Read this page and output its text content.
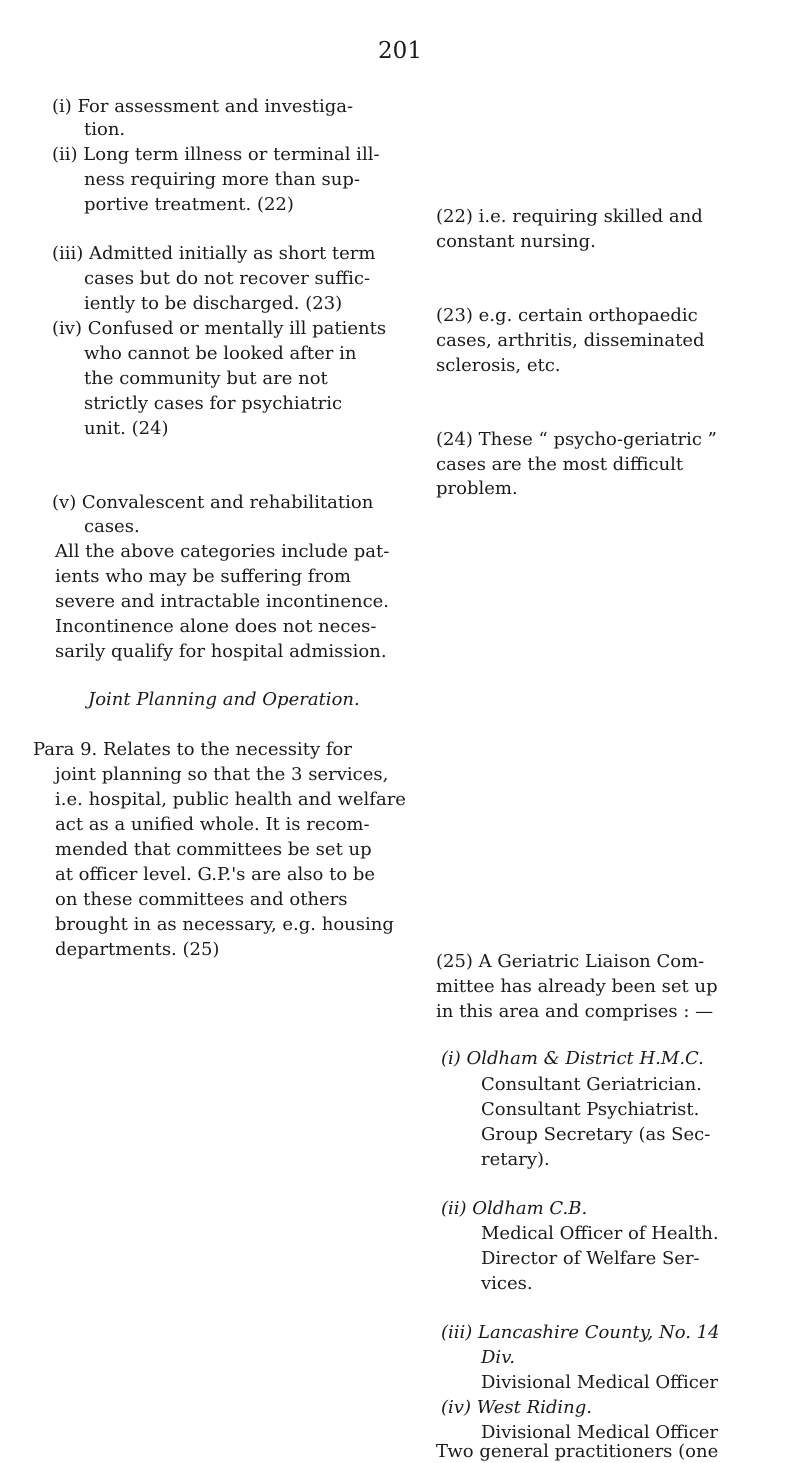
201
(i) For assessment and investiga-
tion.
(ii) Long term illness or terminal ill-
ness requiring more than sup-
portive treatment. (22)
(iii) Admitted initially as short term
cases but do not recover suffic-
iently to be discharged. (23)
(iv) Confused or mentally ill patients
who cannot be looked after in
the community but are not
strictly cases for psychiatric
unit. (24)
(v) Convalescent and rehabilitation
cases.
All the above categories include pat-
ients who may be suffering from
severe and intractable incontinence.
Incontinence alone does not neces-
sarily qualify for hospital admission.
Joint Planning and Operation.
Para 9. Relates to the necessity for
joint planning so that the 3 services,
i.e. hospital, public health and welfare
act as a unified whole. It is recom-
mended that committees be set up
at officer level. G.P.'s are also to be
on these committees and others
brought in as necessary, e.g. housing
departments. (25)
(22) i.e. requiring skilled and
constant nursing.
(23) e.g. certain orthopaedic
cases, arthritis, disseminated
sclerosis, etc.
(24) These “ psycho-geriatric ”
cases are the most difficult
problem.
(25) A Geriatric Liaison Com-
mittee has already been set up
in this area and comprises : —
(i) Oldham & District H.M.C.
Consultant Geriatrician.
Consultant Psychiatrist.
Group Secretary (as Sec-
retary).
(ii) Oldham C.B.
Medical Officer of Health.
Director of Welfare Ser-
vices.
(iii) Lancashire County, No. 14
Div.
Divisional Medical Officer
(iv) West Riding.
Divisional Medical Officer
Two general practitioners (one
